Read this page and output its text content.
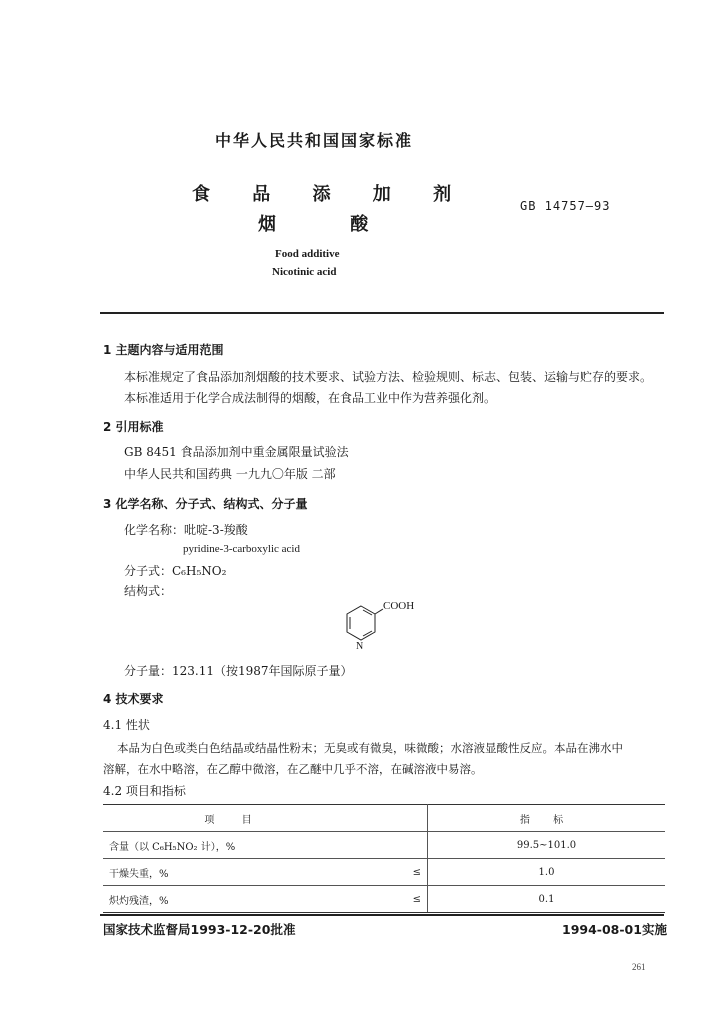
中华人民共和国国家标准
食 品 添 加 剂
烟 酸
GB 14757—93
Food additive
Nicotinic acid
1 主题内容与适用范围
本标准规定了食品添加剂烟酸的技术要求、试验方法、检验规则、标志、包装、运输与贮存的要求。
本标准适用于化学合成法制得的烟酸，在食品工业中作为营养强化剂。
2 引用标准
GB 8451 食品添加剂中重金属限量试验法
中华人民共和国药典 一九九〇年版 二部
3 化学名称、分子式、结构式、分子量
化学名称：吡啶-3-羧酸
pyridine-3-carboxylic acid
分子式：C₆H₅NO₂
结构式：
COOH
N
分子量：123.11（按1987年国际原子量）
4 技术要求
4.1 性状
本品为白色或类白色结晶或结晶性粉末；无臭或有微臭，味微酸；水溶液显酸性反应。本品在沸水中
溶解，在水中略溶，在乙醇中微溶，在乙醚中几乎不溶，在碱溶液中易溶。
4.2 项目和指标
项 目		指 标
含量（以 C₆H₅NO₂ 计），%		99.5~101.0
干燥失重，%	≤	1.0
炽灼残渣，%	≤	0.1
国家技术监督局1993-12-20批准	1994-08-01实施
261
